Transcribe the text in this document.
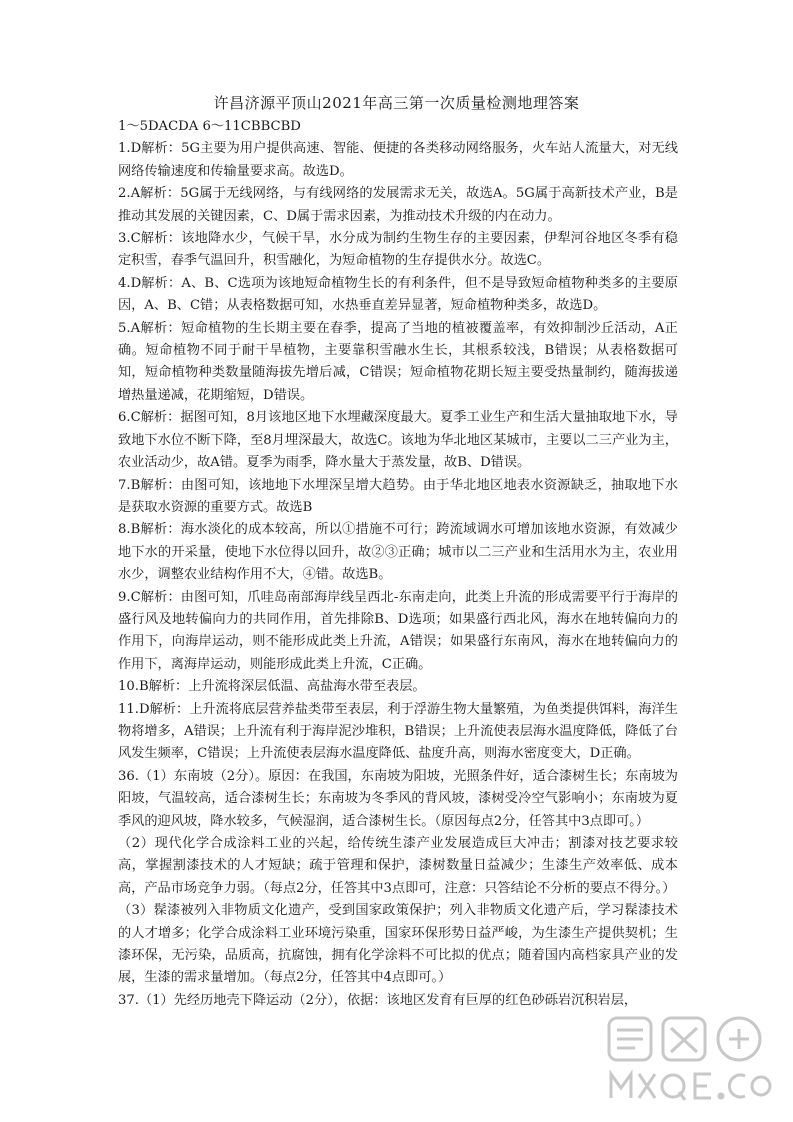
许昌济源平顶山2021年高三第一次质量检测地理答案

1～5DACDA 6～11CBBCBD

1.D解析：5G主要为用户提供高速、智能、便捷的各类移动网络服务，火车站人流量大，对无线网络传输速度和传输量要求高。故选D。

2.A解析：5G属于无线网络，与有线网络的发展需求无关，故选A。5G属于高新技术产业，B是推动其发展的关键因素，C、D属于需求因素，为推动技术升级的内在动力。

3.C解析：该地降水少，气候干旱，水分成为制约生物生存的主要因素，伊犁河谷地区冬季有稳定积雪，春季气温回升，积雪融化，为短命植物的生存提供水分。故选C。

4.D解析：A、B、C选项为该地短命植物生长的有利条件，但不是导致短命植物种类多的主要原因，A、B、C错；从表格数据可知，水热垂直差异显著，短命植物种类多，故选D。

5.A解析：短命植物的生长期主要在春季，提高了当地的植被覆盖率，有效抑制沙丘活动，A正确。短命植物不同于耐干旱植物，主要靠积雪融水生长，其根系较浅，B错误；从表格数据可知，短命植物种类数量随海拔先增后减，C错误；短命植物花期长短主要受热量制约，随海拔递增热量递减，花期缩短，D错误。

6.C解析：据图可知，8月该地区地下水埋藏深度最大。夏季工业生产和生活大量抽取地下水，导致地下水位不断下降，至8月埋深最大，故选C。该地为华北地区某城市，主要以二三产业为主，农业活动少，故A错。夏季为雨季，降水量大于蒸发量，故B、D错误。

7.B解析：由图可知，该地地下水埋深呈增大趋势。由于华北地区地表水资源缺乏，抽取地下水是获取水资源的重要方式。故选B

8.B解析：海水淡化的成本较高，所以①措施不可行；跨流域调水可增加该地水资源，有效减少地下水的开采量，使地下水位得以回升，故②③正确；城市以二三产业和生活用水为主，农业用水少，调整农业结构作用不大，④错。故选B。

9.C解析：由图可知，爪哇岛南部海岸线呈西北-东南走向，此类上升流的形成需要平行于海岸的盛行风及地转偏向力的共同作用，首先排除B、D选项；如果盛行西北风，海水在地转偏向力的作用下，向海岸运动，则不能形成此类上升流，A错误；如果盛行东南风，海水在地转偏向力的作用下，离海岸运动，则能形成此类上升流，C正确。

10.B解析：上升流将深层低温、高盐海水带至表层。

11.D解析：上升流将底层营养盐类带至表层，利于浮游生物大量繁殖，为鱼类提供饵料，海洋生物将增多，A错误；上升流有利于海岸泥沙堆积，B错误；上升流使表层海水温度降低，降低了台风发生频率，C错误；上升流使表层海水温度降低、盐度升高，则海水密度变大，D正确。

36.（1）东南坡（2分）。原因：在我国，东南坡为阳坡，光照条件好，适合漆树生长；东南坡为阳坡，气温较高，适合漆树生长；东南坡为冬季风的背风坡，漆树受冷空气影响小；东南坡为夏季风的迎风坡，降水较多，气候湿润，适合漆树生长。（原因每点2分，任答其中3点即可。）

（2）现代化学合成涂料工业的兴起，给传统生漆产业发展造成巨大冲击；割漆对技艺要求较高，掌握割漆技术的人才短缺；疏于管理和保护，漆树数量日益减少；生漆生产效率低、成本高，产品市场竞争力弱。（每点2分，任答其中3点即可，注意：只答结论不分析的要点不得分。）

（3）髹漆被列入非物质文化遗产，受到国家政策保护；列入非物质文化遗产后，学习髹漆技术的人才增多；化学合成涂料工业环境污染重，国家环保形势日益严峻，为生漆生产提供契机；生漆环保，无污染，品质高，抗腐蚀，拥有化学涂料不可比拟的优点；随着国内高档家具产业的发展，生漆的需求量增加。（每点2分，任答其中4点即可。）

37.（1）先经历地壳下降运动（2分），依据：该地区发育有巨厚的红色砂砾岩沉积岩层，
